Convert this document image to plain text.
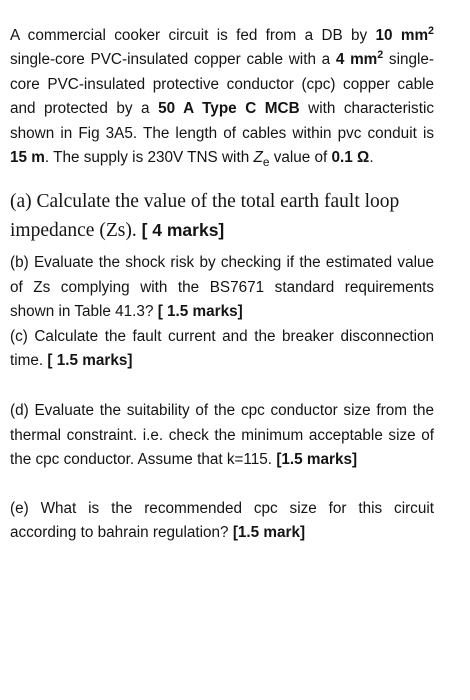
A commercial cooker circuit is fed from a DB by 10 $mm^2$ single-core PVC-insulated copper cable with a 4 $mm^2$ single-core PVC-insulated protective conductor (cpc) copper cable and protected by a 50 A Type C MCB with characteristic shown in Fig 3A5. The length of cables within pvc conduit is 15 m. The supply is 230V TNS with $Z_e$ value of 0.1 Ω.

(a) Calculate the value of the total earth fault loop impedance (Zs). [ 4 marks]

(b) Evaluate the shock risk by checking if the estimated value of Zs complying with the BS7671 standard requirements shown in Table 41.3? [ 1.5 marks]

(c) Calculate the fault current and the breaker disconnection time. [ 1.5 marks]

(d) Evaluate the suitability of the cpc conductor size from the thermal constraint. i.e. check the minimum acceptable size of the cpc conductor. Assume that k=115. [1.5 marks]

(e) What is the recommended cpc size for this circuit according to bahrain regulation? [1.5 mark]
